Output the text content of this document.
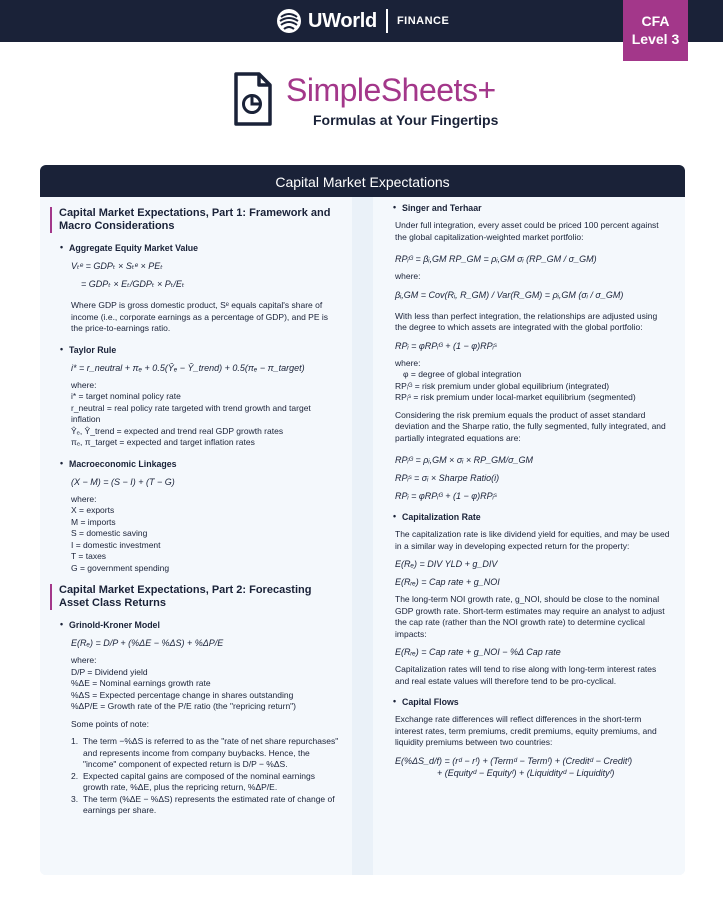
UWorld FINANCE	CFA
Level 3
SimpleSheets+
Formulas at Your Fingertips
Capital Market Expectations
Capital Market Expectations, Part 1: Framework and Macro Considerations
• Aggregate Equity Market Value
Vₜᵉ = GDPₜ × Sₜᵉ × PEₜ
= GDPₜ × Eₜ/GDPₜ × Pₜ/Eₜ
Where GDP is gross domestic product, Sᵉ equals capital's share of income (i.e., corporate earnings as a percentage of GDP), and PE is the price-to-earnings ratio.
• Taylor Rule
i* = r_neutral + πₑ + 0.5(Ŷₑ − Ŷ_trend) + 0.5(πₑ − π_target)
where:
i* = target nominal policy rate
r_neutral = real policy rate targeted with trend growth and target inflation
Ŷₑ, Ŷ_trend = expected and trend real GDP growth rates
πₑ, π_target = expected and target inflation rates
• Macroeconomic Linkages
(X − M) = (S − I) + (T − G)
where:
X = exports
M = imports
S = domestic saving
I = domestic investment
T = taxes
G = government spending
Capital Market Expectations, Part 2: Forecasting Asset Class Returns
• Grinold-Kroner Model
E(Rₑ) = D/P + (%ΔE − %ΔS) + %ΔP/E
where:
D/P = Dividend yield
%ΔE = Nominal earnings growth rate
%ΔS = Expected percentage change in shares outstanding
%ΔP/E = Growth rate of the P/E ratio (the "repricing return")
Some points of note:
1. The term −%ΔS is referred to as the "rate of net share repurchases" and represents income from company buybacks. Hence, the "income" component of expected return is D/P − %ΔS.
2. Expected capital gains are composed of the nominal earnings growth rate, %ΔE, plus the repricing return, %ΔP/E.
3. The term (%ΔE − %ΔS) represents the estimated rate of change of earnings per share.
• Singer and Terhaar
Under full integration, every asset could be priced 100 percent against the global capitalization-weighted market portfolio:
RPᵢᴳ = βᵢ,GM RP_GM = ρᵢ,GM σᵢ (RP_GM / σ_GM)
where:
βᵢ,GM = Cov(Rᵢ, R_GM) / Var(R_GM) = ρᵢ,GM (σᵢ / σ_GM)
With less than perfect integration, the relationships are adjusted using the degree to which assets are integrated with the global portfolio:
RPᵢ = φRPᵢᴳ + (1 − φ)RPᵢˢ
where:
φ = degree of global integration
RPᵢᴳ = risk premium under global equilibrium (integrated)
RPᵢˢ = risk premium under local-market equilibrium (segmented)
Considering the risk premium equals the product of asset standard deviation and the Sharpe ratio, the fully segmented, fully integrated, and partially integrated equations are:
RPᵢᴳ = ρᵢ,GM × σᵢ × RP_GM/σ_GM
RPᵢˢ = σᵢ × Sharpe Ratio(i)
RPᵢ = φRPᵢᴳ + (1 − φ)RPᵢˢ
• Capitalization Rate
The capitalization rate is like dividend yield for equities, and may be used in a similar way in developing expected return for the property:
E(Rₑ) = DIV YLD + g_DIV
E(Rᵣₑ) = Cap rate + g_NOI
The long-term NOI growth rate, g_NOI, should be close to the nominal GDP growth rate. Short-term estimates may require an analyst to adjust the cap rate (rather than the NOI growth rate) to determine cyclical impacts:
E(Rᵣₑ) = Cap rate + g_NOI − %Δ Cap rate
Capitalization rates will tend to rise along with long-term interest rates and real estate values will therefore tend to be pro-cyclical.
• Capital Flows
Exchange rate differences will reflect differences in the short-term interest rates, term premiums, credit premiums, equity premiums, and liquidity premiums between two countries:
E(%ΔS_d/f) = (rᵈ − rᶠ) + (Termᵈ − Termᶠ) + (Creditᵈ − Creditᶠ)
+ (Equityᵈ − Equityᶠ) + (Liquidityᵈ − Liquidityᶠ)
